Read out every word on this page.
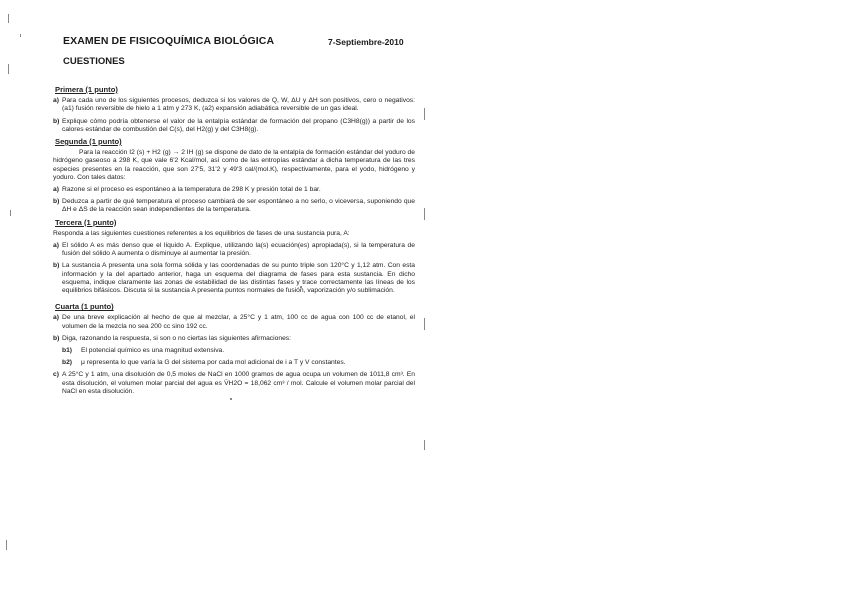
EXAMEN DE FISICOQUÍMICA BIOLÓGICA	7-Septiembre-2010
CUESTIONES
Primera (1 punto)
a) Para cada uno de los siguientes procesos, deduzca si los valores de Q, W, ΔU y ΔH son positivos, cero o negativos: (a1) fusión reversible de hielo a 1 atm y 273 K, (a2) expansión adiabática reversible de un gas ideal.
b) Explique cómo podría obtenerse el valor de la entalpía estándar de formación del propano (C3H8(g)) a partir de los calores estándar de combustión del C(s), del H2(g) y del C3H8(g).
Segunda (1 punto)
Para la reacción I2 (s) + H2 (g) → 2 IH (g) se dispone de dato de la entalpía de formación estándar del yoduro de hidrógeno gaseoso a 298 K, que vale 6'2 Kcal/mol, así como de las entropías estándar a dicha temperatura de las tres especies presentes en la reacción, que son 27'5, 31'2 y 49'3 cal/(mol.K), respectivamente, para el yodo, hidrógeno y yoduro. Con tales datos:
a) Razone si el proceso es espontáneo a la temperatura de 298 K y presión total de 1 bar.
b) Deduzca a partir de qué temperatura el proceso cambiará de ser espontáneo a no serlo, o viceversa, suponiendo que ΔH e ΔS de la reacción sean independientes de la temperatura.
Tercera (1 punto)
Responda a las siguientes cuestiones referentes a los equilibrios de fases de una sustancia pura, A:
a) El sólido A es más denso que el líquido A. Explique, utilizando la(s) ecuación(es) apropiada(s), si la temperatura de fusión del sólido A aumenta o disminuye al aumentar la presión.
b) La sustancia A presenta una sola forma sólida y las coordenadas de su punto triple son 120°C y 1,12 atm. Con esta información y la del apartado anterior, haga un esquema del diagrama de fases para esta sustancia. En dicho esquema, indique claramente las zonas de estabilidad de las distintas fases y trace correctamente las líneas de los equilibrios bifásicos. Discuta si la sustancia A presenta puntos normales de fusión, vaporización y/o sublimación.
Cuarta (1 punto)
a) De una breve explicación al hecho de que al mezclar, a 25°C y 1 atm, 100 cc de agua con 100 cc de etanol, el volumen de la mezcla no sea 200 cc sino 192 cc.
b) Diga, razonando la respuesta, si son o no ciertas las siguientes afirmaciones:
b1) El potencial químico es una magnitud extensiva.
b2) μ representa lo que varía la G del sistema por cada mol adicional de i a T y V constantes.
c) A 25°C y 1 atm, una disolución de 0,5 moles de NaCl en 1000 gramos de agua ocupa un volumen de 1011,8 cm³. En esta disolución, el volumen molar parcial del agua es V̄H2O = 18,062 cm³ / mol. Calcule el volumen molar parcial del NaCl en esta disolución.
